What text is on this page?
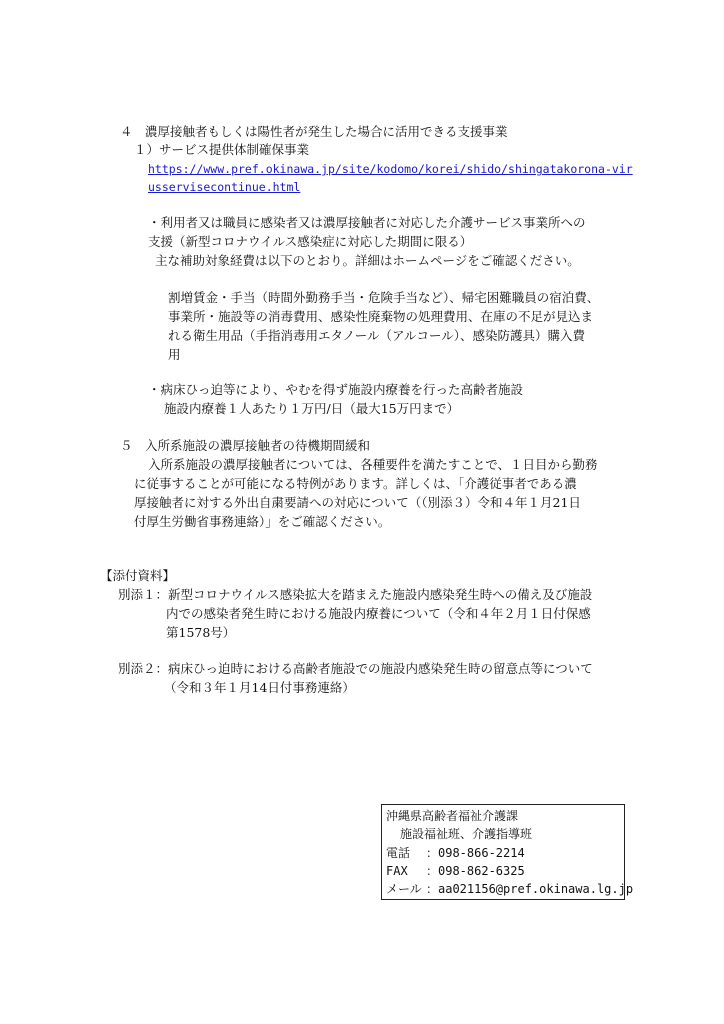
４　濃厚接触者もしくは陽性者が発生した場合に活用できる支援事業
１）サービス提供体制確保事業
https://www.pref.okinawa.jp/site/kodomo/korei/shido/shingatakorona-vir
usservisecontinue.html
・利用者又は職員に感染者又は濃厚接触者に対応した介護サービス事業所への
支援（新型コロナウイルス感染症に対応した期間に限る）
主な補助対象経費は以下のとおり。詳細はホームページをご確認ください。
割増賃金・手当（時間外勤務手当・危険手当など）、帰宅困難職員の宿泊費、
事業所・施設等の消毒費用、感染性廃棄物の処理費用、在庫の不足が見込ま
れる衛生用品（手指消毒用エタノール（アルコール）、感染防護具）購入費
用
・病床ひっ迫等により、やむを得ず施設内療養を行った高齢者施設
施設内療養１人あたり１万円/日（最大15万円まで）
５　入所系施設の濃厚接触者の待機期間緩和
入所系施設の濃厚接触者については、各種要件を満たすことで、１日目から勤務
に従事することが可能になる特例があります。詳しくは、「介護従事者である濃
厚接触者に対する外出自粛要請への対応について（（別添３）令和４年１月21日
付厚生労働省事務連絡）」をご確認ください。
【添付資料】
別添１：新型コロナウイルス感染拡大を踏まえた施設内感染発生時への備え及び施設
内での感染者発生時における施設内療養について（令和４年２月１日付保感
第1578号）
別添２：病床ひっ迫時における高齢者施設での施設内感染発生時の留意点等について
（令和３年１月14日付事務連絡）
沖縄県高齢者福祉介護課
施設福祉班、介護指導班
電話 ：098-866-2214
FAX ：098-862-6325
メール ：aa021156@pref.okinawa.lg.jp
